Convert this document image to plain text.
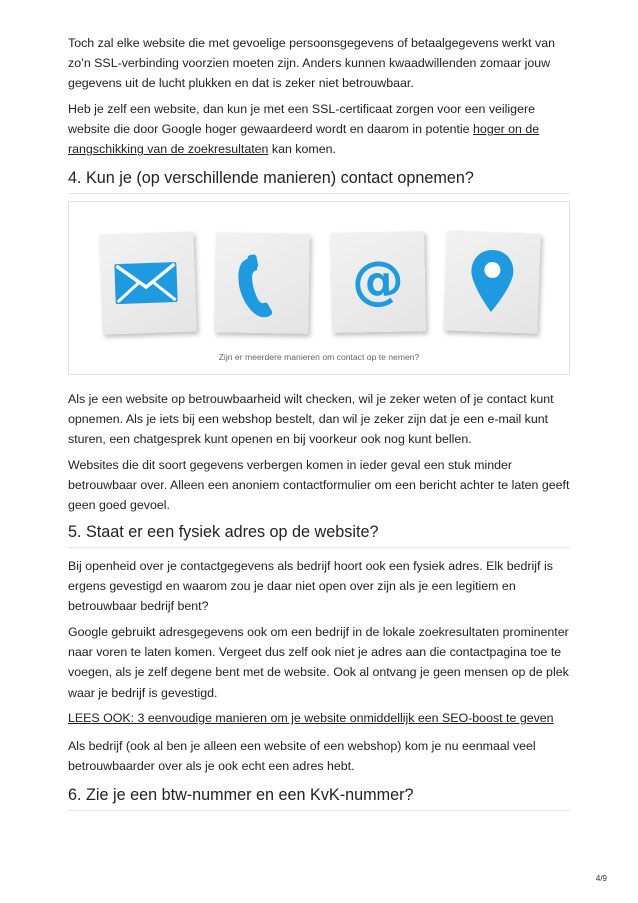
Toch zal elke website die met gevoelige persoonsgegevens of betaalgegevens werkt van zo’n SSL-verbinding voorzien moeten zijn. Anders kunnen kwaadwillenden zomaar jouw gegevens uit de lucht plukken en dat is zeker niet betrouwbaar.

Heb je zelf een website, dan kun je met een SSL-certificaat zorgen voor een veiligere website die door Google hoger gewaardeerd wordt en daarom in potentie hoger on de rangschikking van de zoekresultaten kan komen.

4. Kun je (op verschillende manieren) contact opnemen?
@
Zijn er meerdere manieren om contact op te nemen?

Als je een website op betrouwbaarheid wilt checken, wil je zeker weten of je contact kunt opnemen. Als je iets bij een webshop bestelt, dan wil je zeker zijn dat je een e-mail kunt sturen, een chatgesprek kunt openen en bij voorkeur ook nog kunt bellen.

Websites die dit soort gegevens verbergen komen in ieder geval een stuk minder betrouwbaar over. Alleen een anoniem contactformulier om een bericht achter te laten geeft geen goed gevoel.

5. Staat er een fysiek adres op de website?

Bij openheid over je contactgegevens als bedrijf hoort ook een fysiek adres. Elk bedrijf is ergens gevestigd en waarom zou je daar niet open over zijn als je een legitiem en betrouwbaar bedrijf bent?

Google gebruikt adresgegevens ook om een bedrijf in de lokale zoekresultaten prominenter naar voren te laten komen. Vergeet dus zelf ook niet je adres aan die contactpagina toe te voegen, als je zelf degene bent met de website. Ook al ontvang je geen mensen op de plek waar je bedrijf is gevestigd.

LEES OOK: 3 eenvoudige manieren om je website onmiddellijk een SEO-boost te geven

Als bedrijf (ook al ben je alleen een website of een webshop) kom je nu eenmaal veel betrouwbaarder over als je ook echt een adres hebt.

6. Zie je een btw-nummer en een KvK-nummer?
4/9
